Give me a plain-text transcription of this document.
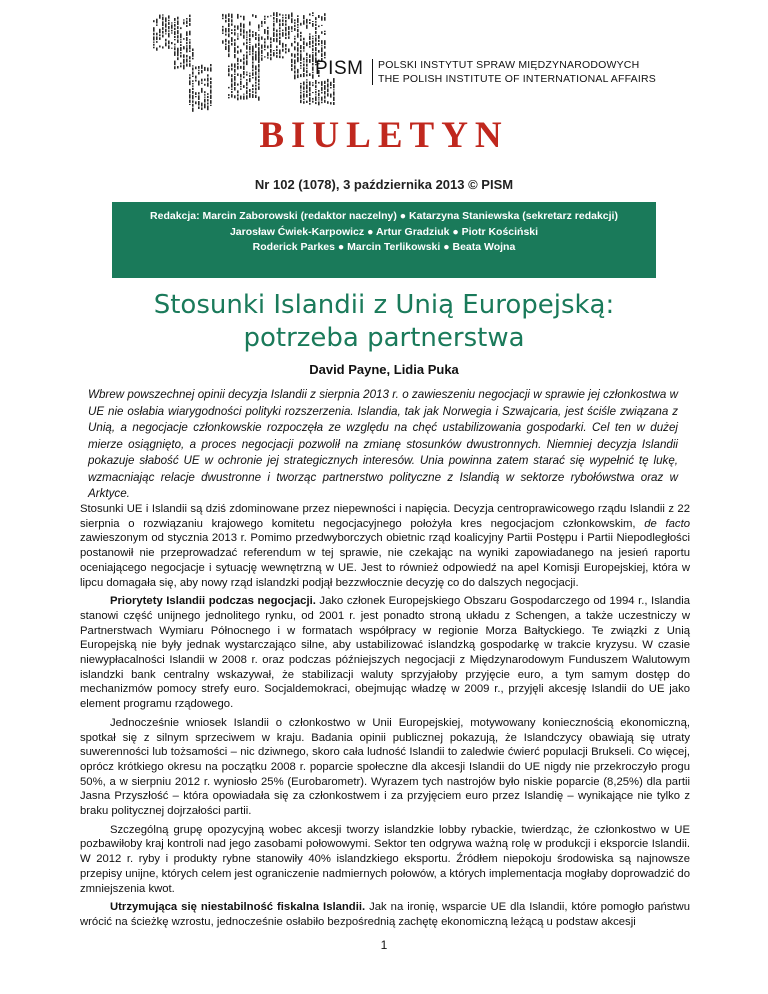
PISM POLSKI INSTYTUT SPRAW MIĘDZYNARODOWYCH
THE POLISH INSTITUTE OF INTERNATIONAL AFFAIRS
BIULETYN
Nr 102 (1078), 3 października 2013 © PISM
Redakcja: Marcin Zaborowski (redaktor naczelny) ● Katarzyna Staniewska (sekretarz redakcji)
Jarosław Ćwiek-Karpowicz ● Artur Gradziuk ● Piotr Kościński
Roderick Parkes ● Marcin Terlikowski ● Beata Wojna
Stosunki Islandii z Unią Europejską:
potrzeba partnerstwa
David Payne, Lidia Puka
Wbrew powszechnej opinii decyzja Islandii z sierpnia 2013 r. o zawieszeniu negocjacji w sprawie jej członkostwa w UE nie osłabia wiarygodności polityki rozszerzenia. Islandia, tak jak Norwegia i Szwajcaria, jest ściśle związana z Unią, a negocjacje członkowskie rozpoczęła ze względu na chęć ustabilizowania gospodarki. Cel ten w dużej mierze osiągnięto, a proces negocjacji pozwolił na zmianę stosunków dwustronnych. Niemniej decyzja Islandii pokazuje słabość UE w ochronie jej strategicznych interesów. Unia powinna zatem starać się wypełnić tę lukę, wzmacniając relacje dwustronne i tworząc partnerstwo polityczne z Islandią w sektorze rybołówstwa oraz w Arktyce.

Stosunki UE i Islandii są dziś zdominowane przez niepewności i napięcia. Decyzja centroprawicowego rządu Islandii z 22 sierpnia o rozwiązaniu krajowego komitetu negocjacyjnego położyła kres negocjacjom członkowskim, de facto zawieszonym od stycznia 2013 r. Pomimo przedwyborczych obietnic rząd koalicyjny Partii Postępu i Partii Niepodległości postanowił nie przeprowadzać referendum w tej sprawie, nie czekając na wyniki zapowiadanego na jesień raportu oceniającego negocjacje i sytuację wewnętrzną w UE. Jest to również odpowiedź na apel Komisji Europejskiej, która w lipcu domagała się, aby nowy rząd islandzki podjął bezzwłocznie decyzję co do dalszych negocjacji.

Priorytety Islandii podczas negocjacji. Jako członek Europejskiego Obszaru Gospodarczego od 1994 r., Islandia stanowi część unijnego jednolitego rynku, od 2001 r. jest ponadto stroną układu z Schengen, a także uczestniczy w Partnerstwach Wymiaru Północnego i w formatach współpracy w regionie Morza Bałtyckiego. Te związki z Unią Europejską nie były jednak wystarczająco silne, aby ustabilizować islandzką gospodarkę w trakcie kryzysu. W czasie niewypłacalności Islandii w 2008 r. oraz podczas późniejszych negocjacji z Międzynarodowym Funduszem Walutowym islandzki bank centralny wskazywał, że stabilizacji waluty sprzyjałoby przyjęcie euro, a tym samym dostęp do mechanizmów pomocy strefy euro. Socjaldemokraci, obejmując władzę w 2009 r., przyjęli akcesję Islandii do UE jako element programu rządowego.

Jednocześnie wniosek Islandii o członkostwo w Unii Europejskiej, motywowany koniecznością ekonomiczną, spotkał się z silnym sprzeciwem w kraju. Badania opinii publicznej pokazują, że Islandczycy obawiają się utraty suwerenności lub tożsamości – nic dziwnego, skoro cała ludność Islandii to zaledwie ćwierć populacji Brukseli. Co więcej, oprócz krótkiego okresu na początku 2008 r. poparcie społeczne dla akcesji Islandii do UE nigdy nie przekroczyło progu 50%, a w sierpniu 2012 r. wyniosło 25% (Eurobarometr). Wyrazem tych nastrojów było niskie poparcie (8,25%) dla partii Jasna Przyszłość – która opowiadała się za członkostwem i za przyjęciem euro przez Islandię – wynikające nie tylko z braku politycznej dojrzałości partii.

Szczególną grupę opozycyjną wobec akcesji tworzy islandzkie lobby rybackie, twierdząc, że członkostwo w UE pozbawiłoby kraj kontroli nad jego zasobami połowowymi. Sektor ten odgrywa ważną rolę w produkcji i eksporcie Islandii. W 2012 r. ryby i produkty rybne stanowiły 40% islandzkiego eksportu. Źródłem niepokoju środowiska są najnowsze przepisy unijne, których celem jest ograniczenie nadmiernych połowów, a których implementacja mogłaby doprowadzić do zmniejszenia kwot.

Utrzymująca się niestabilność fiskalna Islandii. Jak na ironię, wsparcie UE dla Islandii, które pomogło państwu wrócić na ścieżkę wzrostu, jednocześnie osłabiło bezpośrednią zachętę ekonomiczną leżącą u podstaw akcesji

1
